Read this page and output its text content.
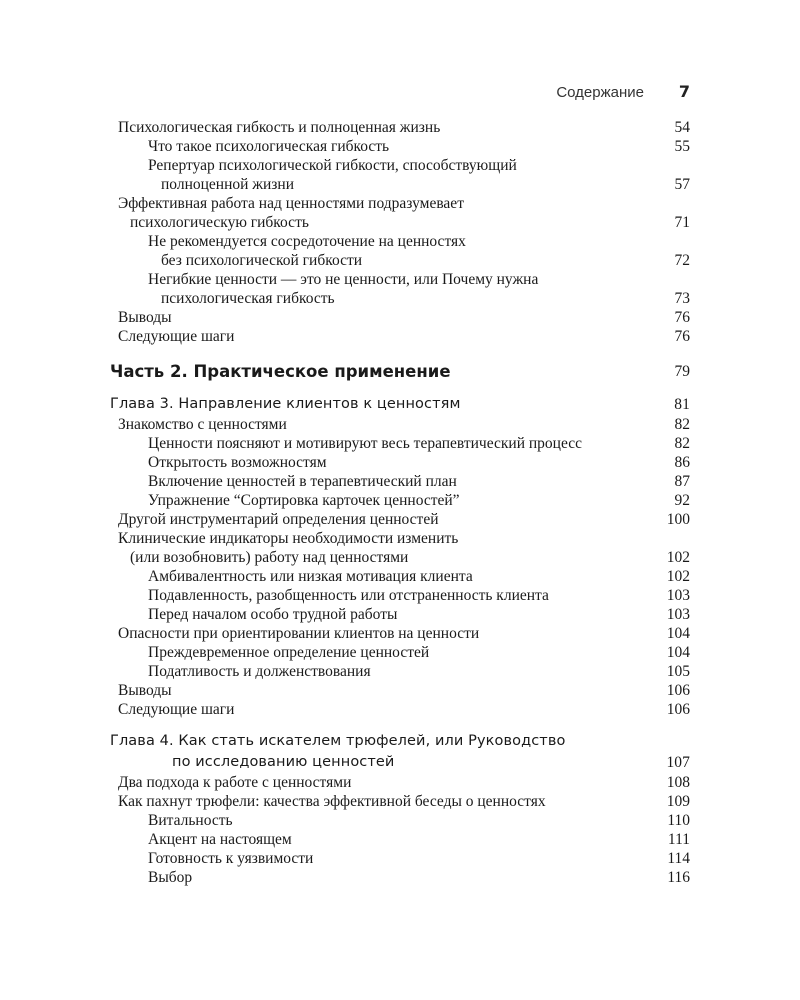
Содержание 7
Психологическая гибкость и полноценная жизнь	54
Что такое психологическая гибкость	55
Репертуар психологической гибкости, способствующий
полноценной жизни	57
Эффективная работа над ценностями подразумевает
психологическую гибкость	71
Не рекомендуется сосредоточение на ценностях
без психологической гибкости	72
Негибкие ценности — это не ценности, или Почему нужна
психологическая гибкость	73
Выводы	76
Следующие шаги	76
Часть 2. Практическое применение	79
Глава 3. Направление клиентов к ценностям	81
Знакомство с ценностями	82
Ценности поясняют и мотивируют весь терапевтический процесс	82
Открытость возможностям	86
Включение ценностей в терапевтический план	87
Упражнение “Сортировка карточек ценностей”	92
Другой инструментарий определения ценностей	100
Клинические индикаторы необходимости изменить
(или возобновить) работу над ценностями	102
Амбивалентность или низкая мотивация клиента	102
Подавленность, разобщенность или отстраненность клиента	103
Перед началом особо трудной работы	103
Опасности при ориентировании клиентов на ценности	104
Преждевременное определение ценностей	104
Податливость и долженствования	105
Выводы	106
Следующие шаги	106
Глава 4. Как стать искателем трюфелей, или Руководство
по исследованию ценностей	107
Два подхода к работе с ценностями	108
Как пахнут трюфели: качества эффективной беседы о ценностях	109
Витальность	110
Акцент на настоящем	111
Готовность к уязвимости	114
Выбор	116
